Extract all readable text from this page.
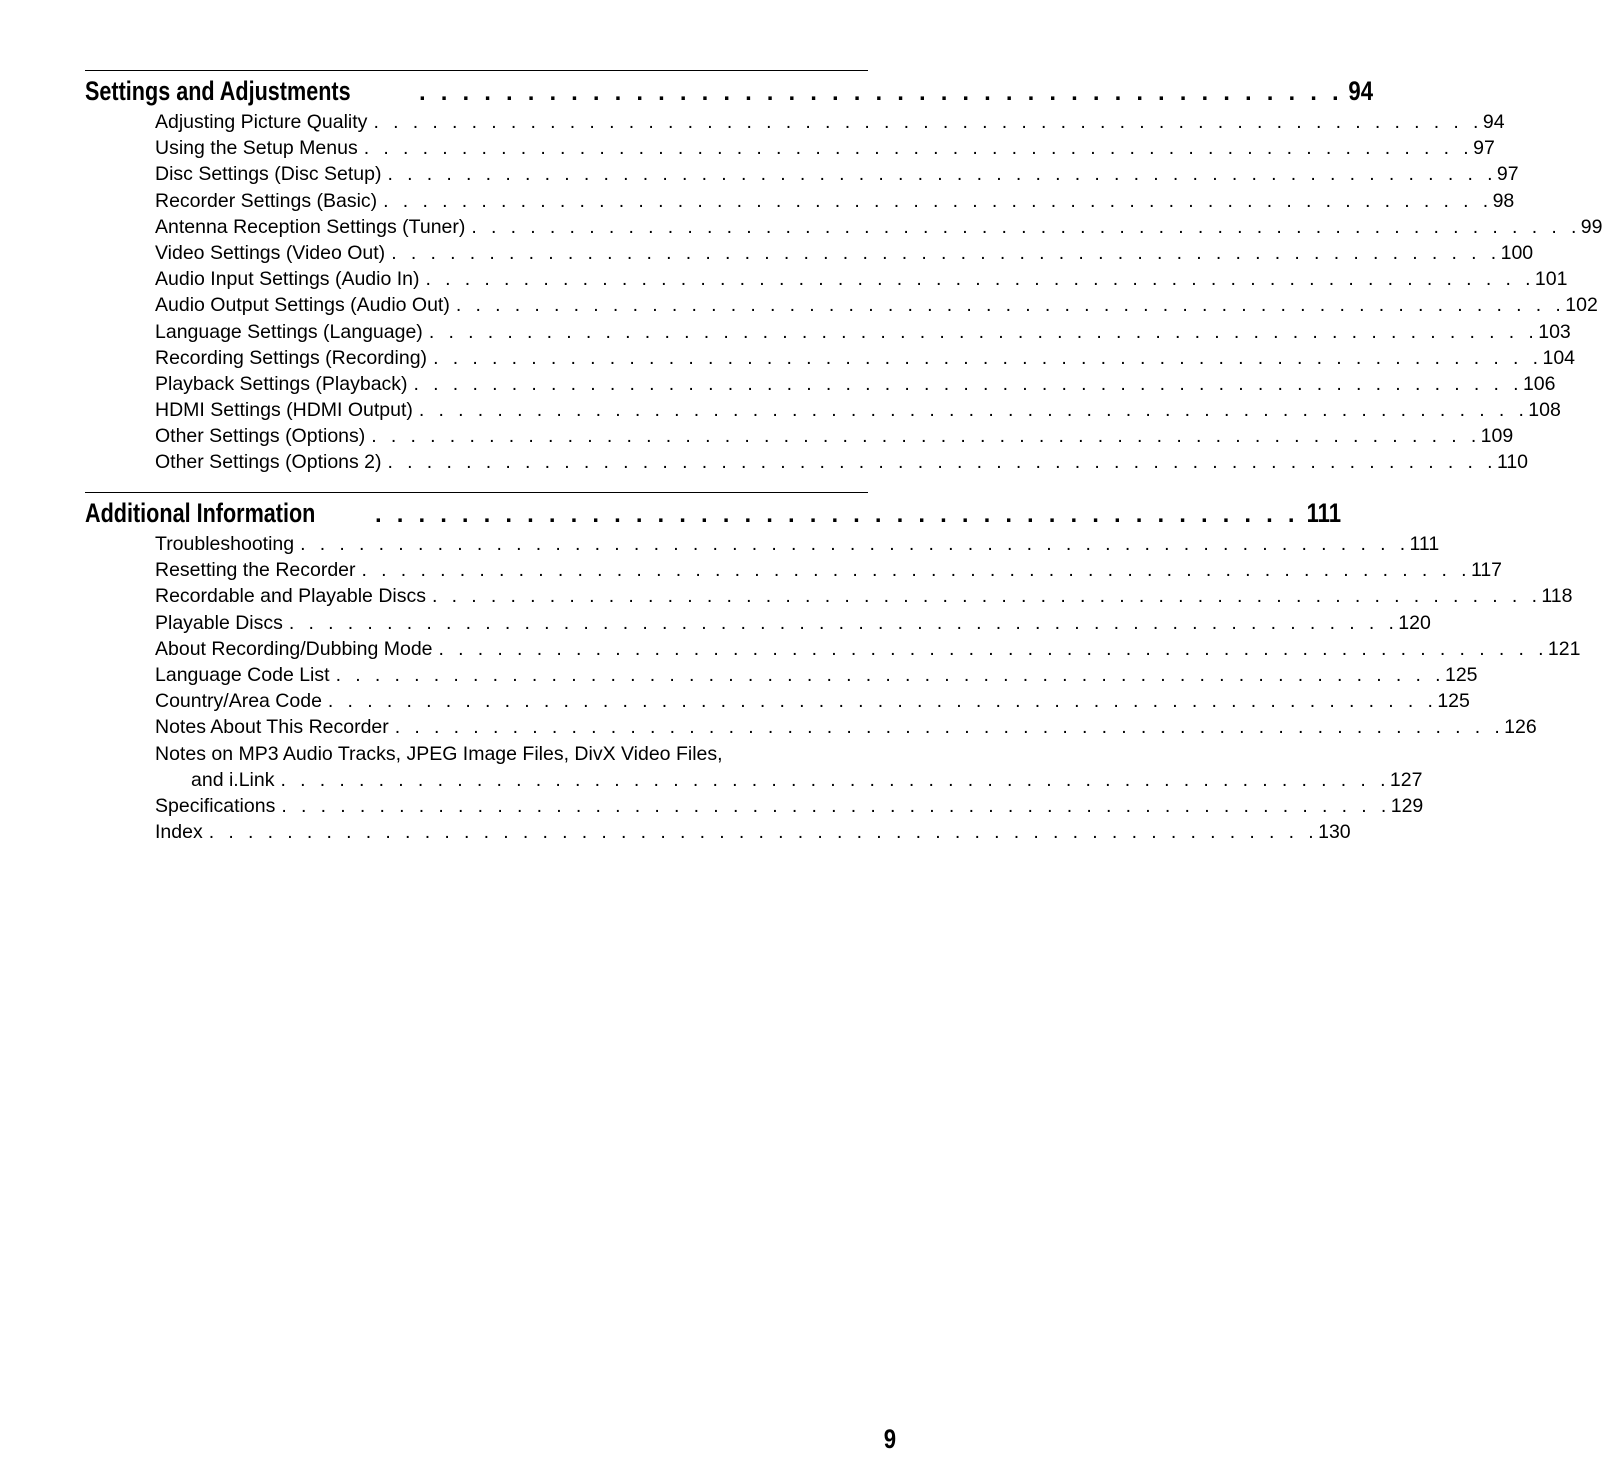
Settings and Adjustments	. . . . . . . . . . . . . . . . . . . . . . . . . . . . . . . . . . . . . . . . . . . 94
Adjusting Picture Quality . . . . . . . . . . . . . . . . . . . . . . . . . . . . . . . . . . . . . . . . . . . . . . . . . . . . . . . . . 94
Using the Setup Menus . . . . . . . . . . . . . . . . . . . . . . . . . . . . . . . . . . . . . . . . . . . . . . . . . . . . . . . . . 97
Disc Settings (Disc Setup) . . . . . . . . . . . . . . . . . . . . . . . . . . . . . . . . . . . . . . . . . . . . . . . . . . . . . . . . . 97
Recorder Settings (Basic) . . . . . . . . . . . . . . . . . . . . . . . . . . . . . . . . . . . . . . . . . . . . . . . . . . . . . . . . . 98
Antenna Reception Settings (Tuner) . . . . . . . . . . . . . . . . . . . . . . . . . . . . . . . . . . . . . . . . . . . . . . . . . . . . . . . . . 99
Video Settings (Video Out) . . . . . . . . . . . . . . . . . . . . . . . . . . . . . . . . . . . . . . . . . . . . . . . . . . . . . . . . . 100
Audio Input Settings (Audio In) . . . . . . . . . . . . . . . . . . . . . . . . . . . . . . . . . . . . . . . . . . . . . . . . . . . . . . . . . 101
Audio Output Settings (Audio Out) . . . . . . . . . . . . . . . . . . . . . . . . . . . . . . . . . . . . . . . . . . . . . . . . . . . . . . . . . 102
Language Settings (Language) . . . . . . . . . . . . . . . . . . . . . . . . . . . . . . . . . . . . . . . . . . . . . . . . . . . . . . . . . 103
Recording Settings (Recording) . . . . . . . . . . . . . . . . . . . . . . . . . . . . . . . . . . . . . . . . . . . . . . . . . . . . . . . . . 104
Playback Settings (Playback) . . . . . . . . . . . . . . . . . . . . . . . . . . . . . . . . . . . . . . . . . . . . . . . . . . . . . . . . . 106
HDMI Settings (HDMI Output) . . . . . . . . . . . . . . . . . . . . . . . . . . . . . . . . . . . . . . . . . . . . . . . . . . . . . . . . . 108
Other Settings (Options) . . . . . . . . . . . . . . . . . . . . . . . . . . . . . . . . . . . . . . . . . . . . . . . . . . . . . . . . . 109
Other Settings (Options 2) . . . . . . . . . . . . . . . . . . . . . . . . . . . . . . . . . . . . . . . . . . . . . . . . . . . . . . . . . 110
Additional Information . . . . . . . . . . . . . . . . . . . . . . . . . . . . . . . . . . . . . . . . . . . 111
Troubleshooting . . . . . . . . . . . . . . . . . . . . . . . . . . . . . . . . . . . . . . . . . . . . . . . . . . . . . . . . . 111
Resetting the Recorder . . . . . . . . . . . . . . . . . . . . . . . . . . . . . . . . . . . . . . . . . . . . . . . . . . . . . . . . . 117
Recordable and Playable Discs . . . . . . . . . . . . . . . . . . . . . . . . . . . . . . . . . . . . . . . . . . . . . . . . . . . . . . . . . 118
Playable Discs . . . . . . . . . . . . . . . . . . . . . . . . . . . . . . . . . . . . . . . . . . . . . . . . . . . . . . . . . 120
About Recording/Dubbing Mode . . . . . . . . . . . . . . . . . . . . . . . . . . . . . . . . . . . . . . . . . . . . . . . . . . . . . . . . . 121
Language Code List . . . . . . . . . . . . . . . . . . . . . . . . . . . . . . . . . . . . . . . . . . . . . . . . . . . . . . . . . 125
Country/Area Code . . . . . . . . . . . . . . . . . . . . . . . . . . . . . . . . . . . . . . . . . . . . . . . . . . . . . . . . . 125
Notes About This Recorder . . . . . . . . . . . . . . . . . . . . . . . . . . . . . . . . . . . . . . . . . . . . . . . . . . . . . . . . . 126
Notes on MP3 Audio Tracks, JPEG Image Files, DivX Video Files,
and i.Link . . . . . . . . . . . . . . . . . . . . . . . . . . . . . . . . . . . . . . . . . . . . . . . . . . . . . . . . . 127
Specifications . . . . . . . . . . . . . . . . . . . . . . . . . . . . . . . . . . . . . . . . . . . . . . . . . . . . . . . . . 129
Index . . . . . . . . . . . . . . . . . . . . . . . . . . . . . . . . . . . . . . . . . . . . . . . . . . . . . . . . . 130
9
